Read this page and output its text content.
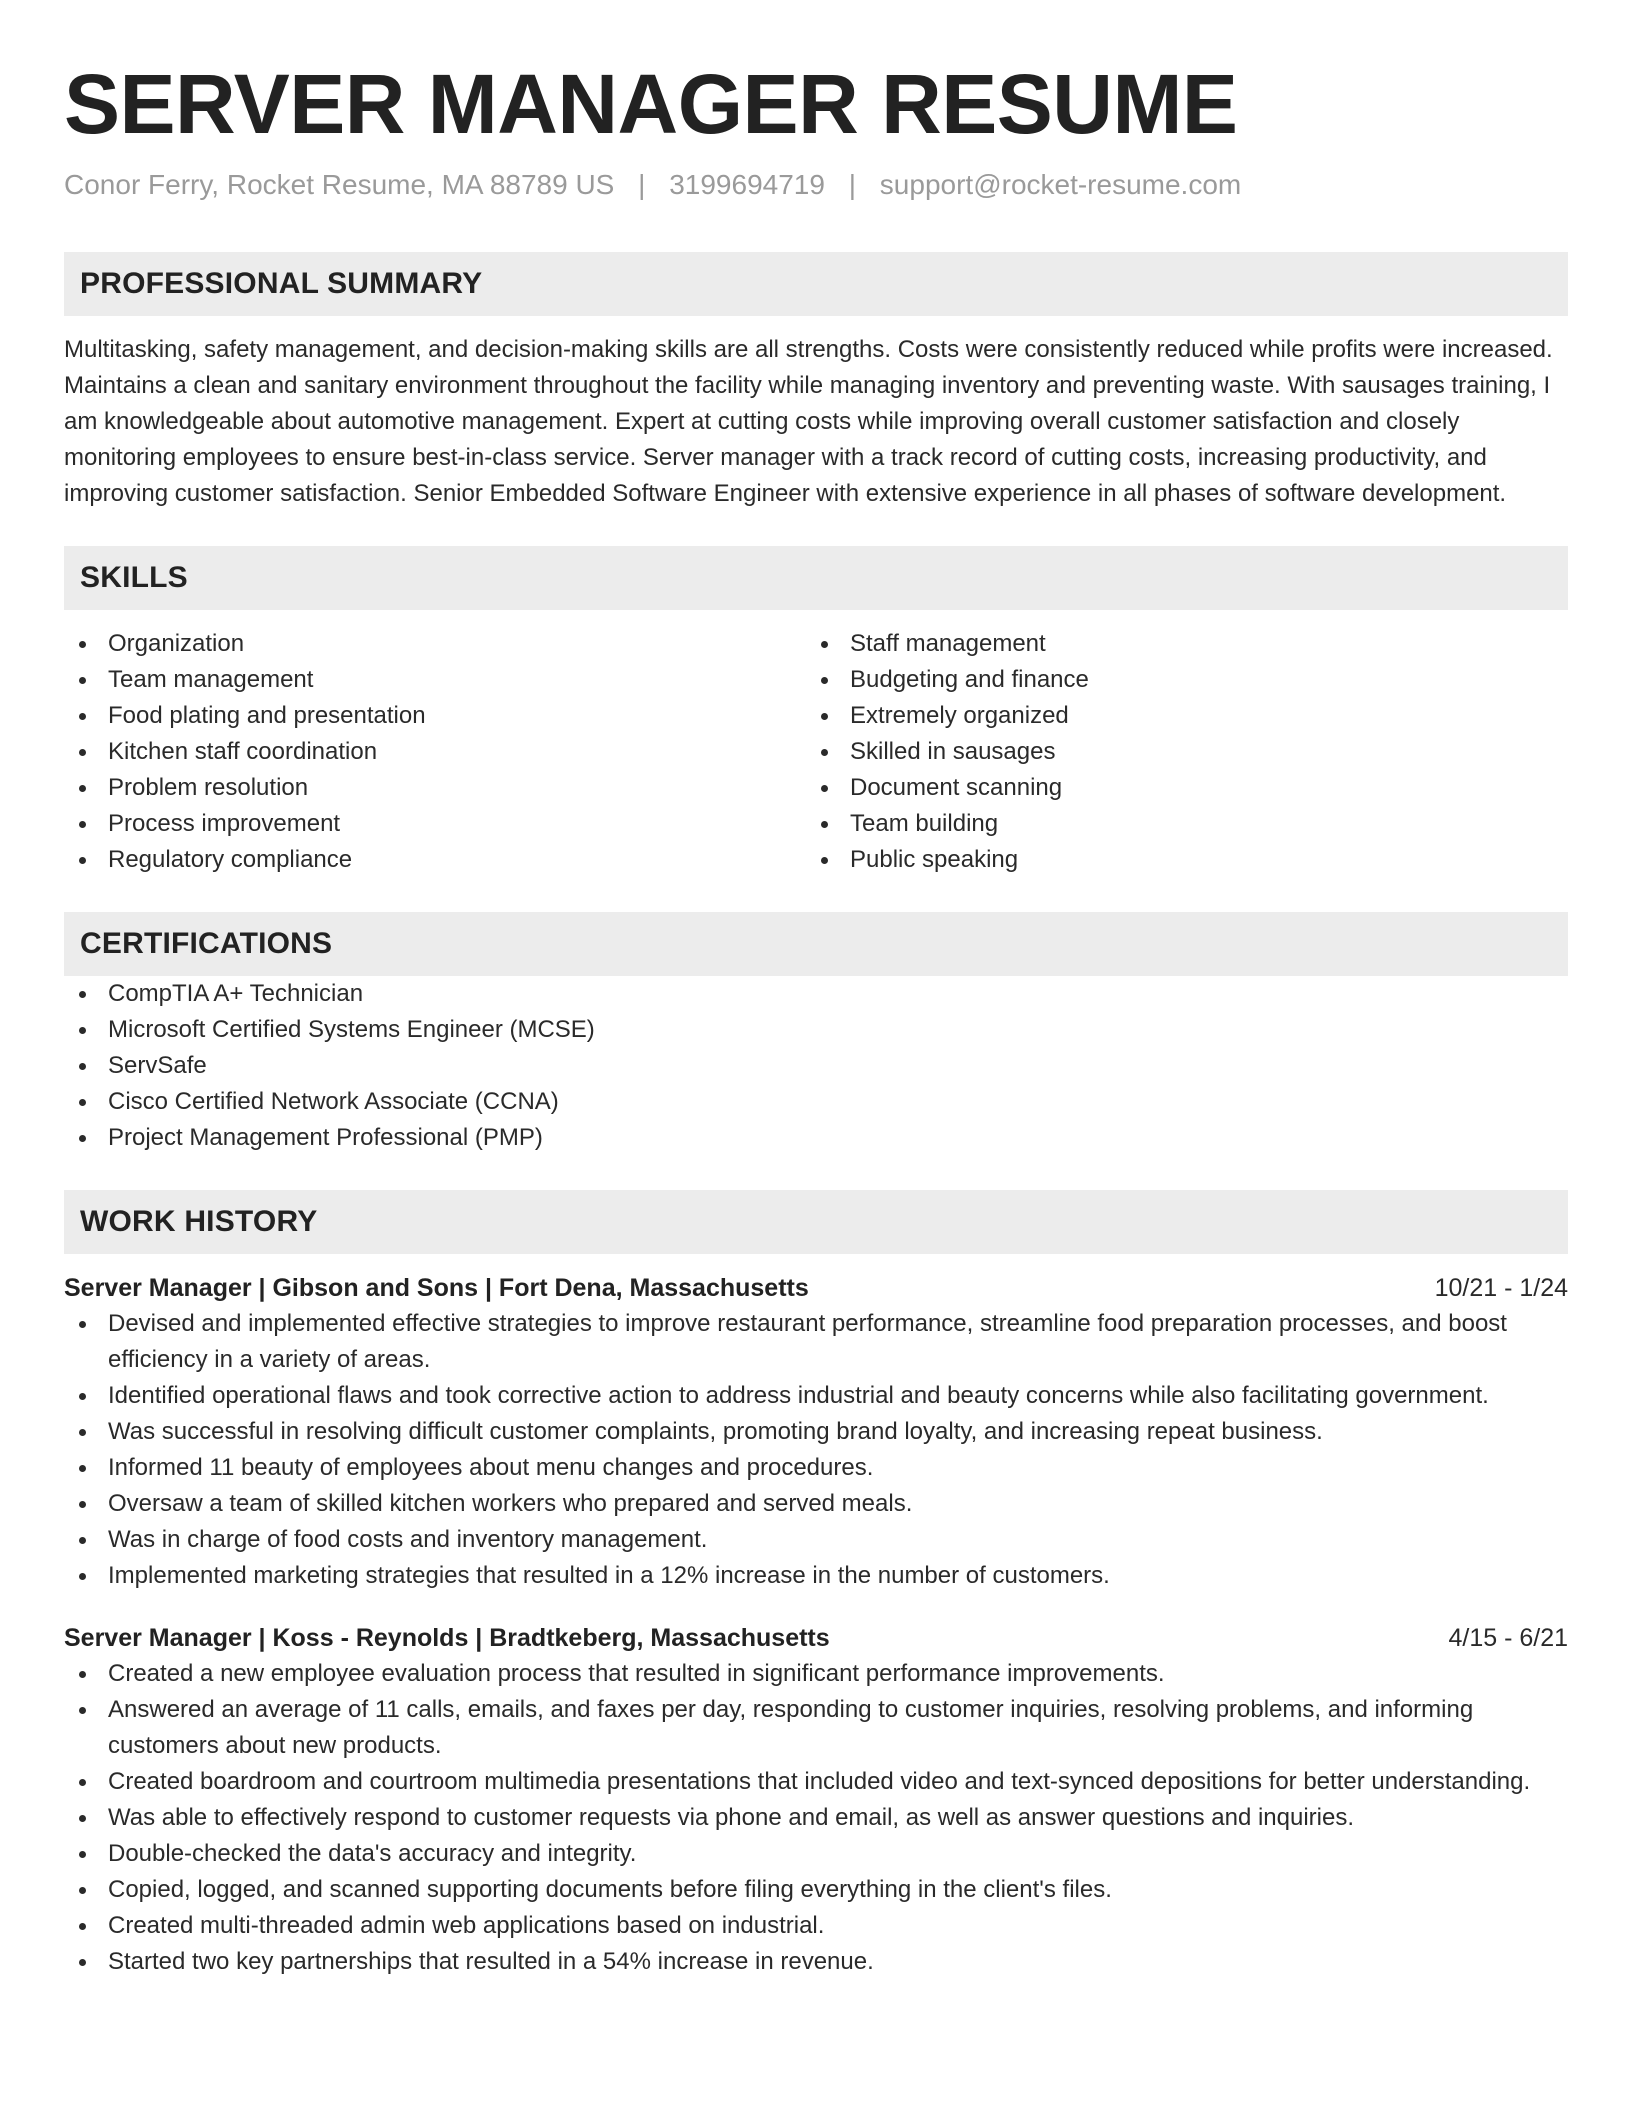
SERVER MANAGER RESUME
Conor Ferry, Rocket Resume, MA 88789 US | 3199694719 | support@rocket-resume.com
PROFESSIONAL SUMMARY

Multitasking, safety management, and decision-making skills are all strengths. Costs were consistently reduced while profits were increased. Maintains a clean and sanitary environment throughout the facility while managing inventory and preventing waste. With sausages training, I am knowledgeable about automotive management. Expert at cutting costs while improving overall customer satisfaction and closely monitoring employees to ensure best-in-class service. Server manager with a track record of cutting costs, increasing productivity, and improving customer satisfaction. Senior Embedded Software Engineer with extensive experience in all phases of software development.

SKILLS
Organization
Team management
Food plating and presentation
Kitchen staff coordination
Problem resolution
Process improvement
Regulatory compliance
Staff management
Budgeting and finance
Extremely organized
Skilled in sausages
Document scanning
Team building
Public speaking
CERTIFICATIONS
CompTIA A+ Technician
Microsoft Certified Systems Engineer (MCSE)
ServSafe
Cisco Certified Network Associate (CCNA)
Project Management Professional (PMP)
WORK HISTORY
Server Manager | Gibson and Sons | Fort Dena, Massachusetts	10/21 - 1/24
Devised and implemented effective strategies to improve restaurant performance, streamline food preparation processes, and boost efficiency in a variety of areas.
Identified operational flaws and took corrective action to address industrial and beauty concerns while also facilitating government.
Was successful in resolving difficult customer complaints, promoting brand loyalty, and increasing repeat business.
Informed 11 beauty of employees about menu changes and procedures.
Oversaw a team of skilled kitchen workers who prepared and served meals.
Was in charge of food costs and inventory management.
Implemented marketing strategies that resulted in a 12% increase in the number of customers.
Server Manager | Koss - Reynolds | Bradtkeberg, Massachusetts	4/15 - 6/21
Created a new employee evaluation process that resulted in significant performance improvements.
Answered an average of 11 calls, emails, and faxes per day, responding to customer inquiries, resolving problems, and informing customers about new products.
Created boardroom and courtroom multimedia presentations that included video and text-synced depositions for better understanding.
Was able to effectively respond to customer requests via phone and email, as well as answer questions and inquiries.
Double-checked the data's accuracy and integrity.
Copied, logged, and scanned supporting documents before filing everything in the client's files.
Created multi-threaded admin web applications based on industrial.
Started two key partnerships that resulted in a 54% increase in revenue.
